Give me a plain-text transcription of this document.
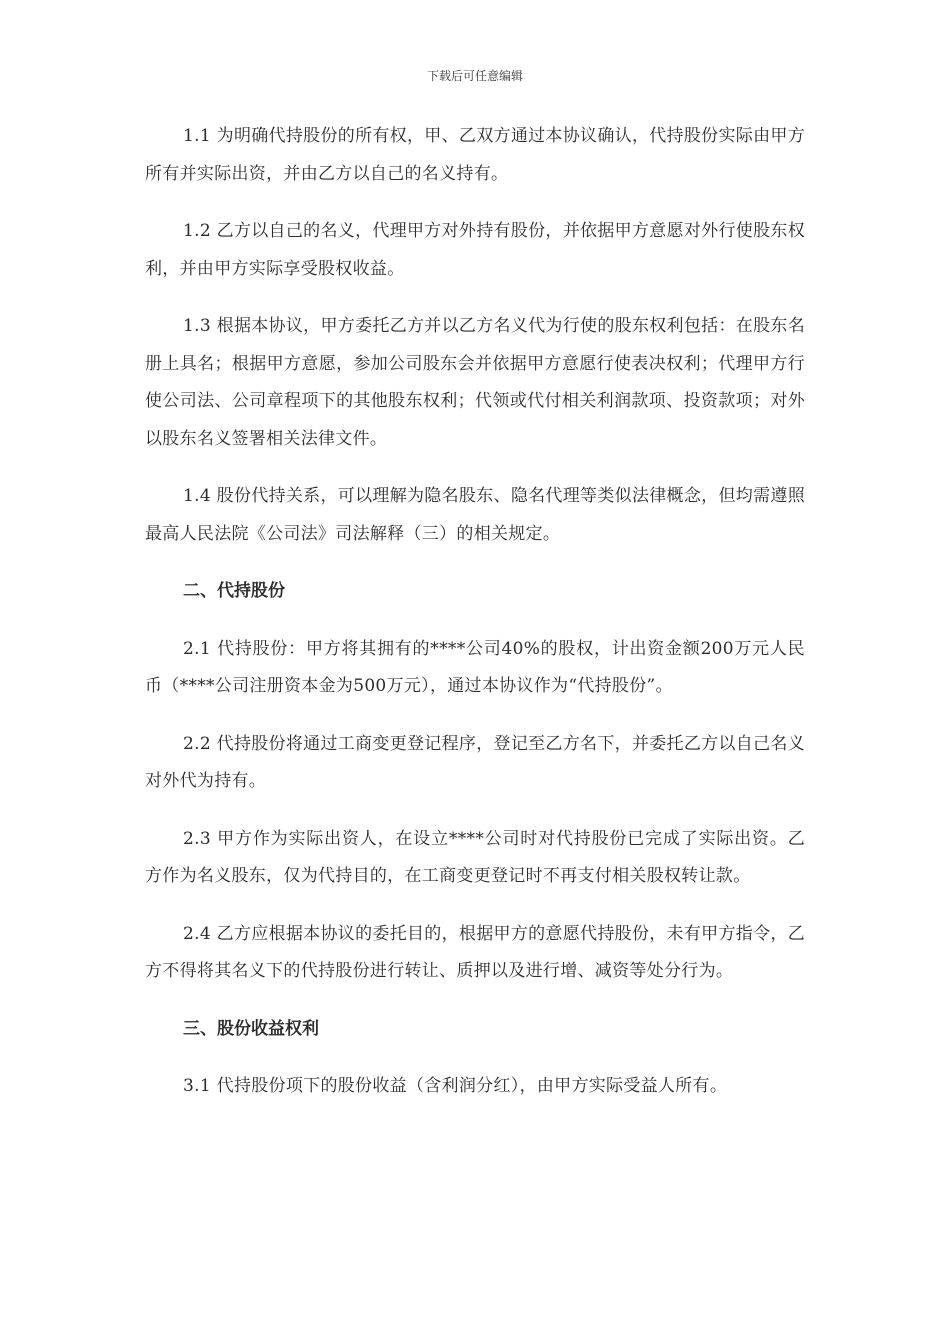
下载后可任意编辑

1.1 为明确代持股份的所有权，甲、乙双方通过本协议确认，代持股份实际由甲方所有并实际出资，并由乙方以自己的名义持有。

1.2 乙方以自己的名义，代理甲方对外持有股份，并依据甲方意愿对外行使股东权利，并由甲方实际享受股权收益。

1.3 根据本协议，甲方委托乙方并以乙方名义代为行使的股东权利包括：在股东名册上具名；根据甲方意愿，参加公司股东会并依据甲方意愿行使表决权利；代理甲方行使公司法、公司章程项下的其他股东权利；代领或代付相关利润款项、投资款项；对外以股东名义签署相关法律文件。

1.4 股份代持关系，可以理解为隐名股东、隐名代理等类似法律概念，但均需遵照最高人民法院《公司法》司法解释（三）的相关规定。

二、代持股份

2.1 代持股份：甲方将其拥有的****公司40%的股权，计出资金额200万元人民币（****公司注册资本金为500万元），通过本协议作为“代持股份”。

2.2 代持股份将通过工商变更登记程序，登记至乙方名下，并委托乙方以自己名义对外代为持有。

2.3 甲方作为实际出资人，在设立****公司时对代持股份已完成了实际出资。乙方作为名义股东，仅为代持目的，在工商变更登记时不再支付相关股权转让款。

2.4 乙方应根据本协议的委托目的，根据甲方的意愿代持股份，未有甲方指令，乙方不得将其名义下的代持股份进行转让、质押以及进行增、减资等处分行为。

三、股份收益权利

3.1 代持股份项下的股份收益（含利润分红），由甲方实际受益人所有。
